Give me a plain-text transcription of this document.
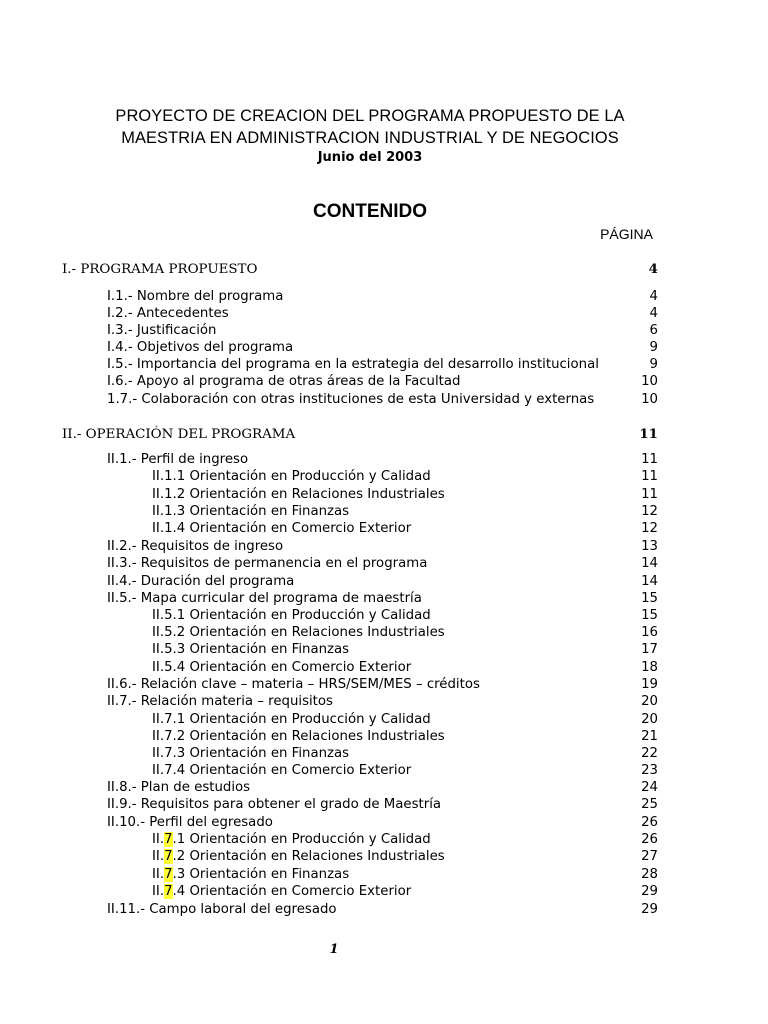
PROYECTO DE CREACION DEL PROGRAMA PROPUESTO DE LA
MAESTRIA EN ADMINISTRACION INDUSTRIAL Y DE NEGOCIOS
Junio del 2003
CONTENIDO
PÁGINA
I.- PROGRAMA PROPUESTO	4
I.1.- Nombre del programa	4
I.2.- Antecedentes	4
I.3.- Justificación	6
I.4.- Objetivos del programa	9
I.5.- Importancia del programa en la estrategia del desarrollo institucional	9
I.6.- Apoyo al programa de otras áreas de la Facultad	10
1.7.- Colaboración con otras instituciones de esta Universidad y externas	10
II.- OPERACIÓN DEL PROGRAMA	11
II.1.- Perfil de ingreso	11
II.1.1 Orientación en Producción y Calidad	11
II.1.2 Orientación en Relaciones Industriales	11
II.1.3 Orientación en Finanzas	12
II.1.4 Orientación en Comercio Exterior	12
II.2.- Requisitos de ingreso	13
II.3.- Requisitos de permanencia en el programa	14
II.4.- Duración del programa	14
II.5.- Mapa curricular del programa de maestría	15
II.5.1 Orientación en Producción y Calidad	15
II.5.2 Orientación en Relaciones Industriales	16
II.5.3 Orientación en Finanzas	17
II.5.4 Orientación en Comercio Exterior	18
II.6.- Relación clave – materia – HRS/SEM/MES – créditos	19
II.7.- Relación materia – requisitos	20
II.7.1 Orientación en Producción y Calidad	20
II.7.2 Orientación en Relaciones Industriales	21
II.7.3 Orientación en Finanzas	22
II.7.4 Orientación en Comercio Exterior	23
II.8.- Plan de estudios	24
II.9.- Requisitos para obtener el grado de Maestría	25
II.10.- Perfil del egresado	26
II.7.1 Orientación en Producción y Calidad	26
II.7.2 Orientación en Relaciones Industriales	27
II.7.3 Orientación en Finanzas	28
II.7.4 Orientación en Comercio Exterior	29
II.11.- Campo laboral del egresado	29
1
